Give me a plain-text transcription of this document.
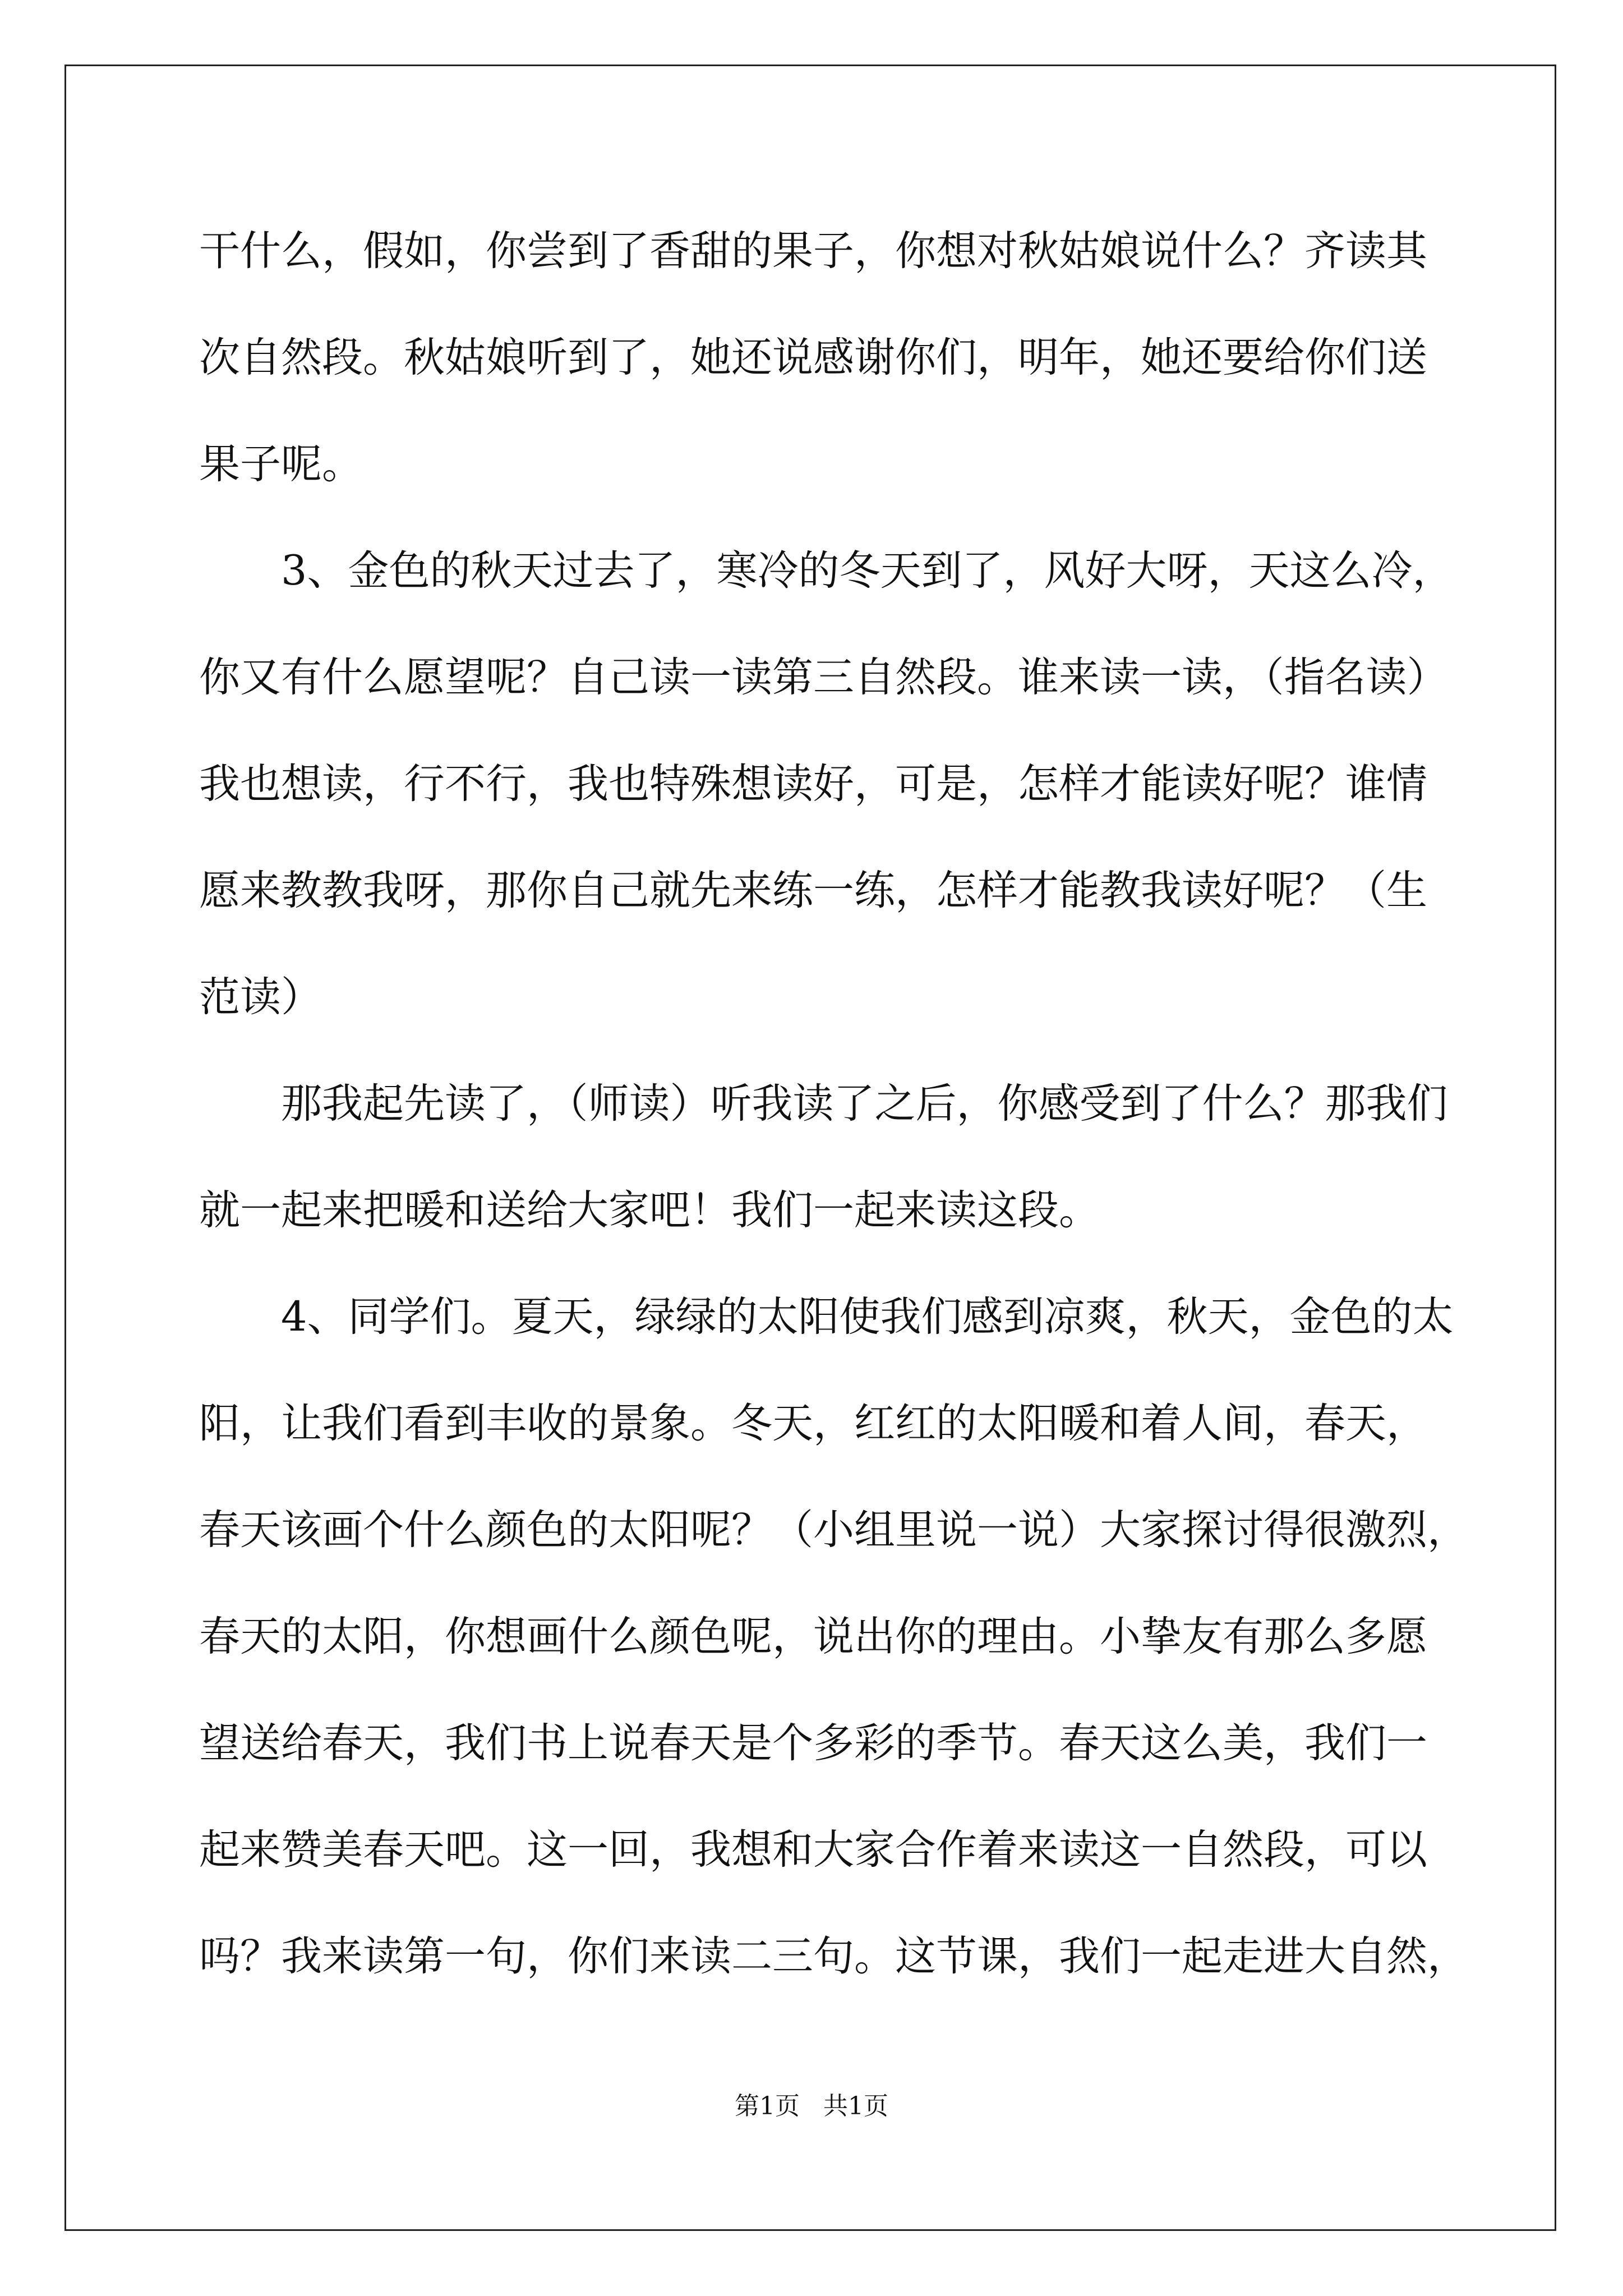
干什么，假如，你尝到了香甜的果子，你想对秋姑娘说什么？齐读其
次自然段。秋姑娘听到了，她还说感谢你们，明年，她还要给你们送
果子呢。
3、金色的秋天过去了，寒冷的冬天到了，风好大呀，天这么冷，
你又有什么愿望呢？自己读一读第三自然段。谁来读一读，（指名读）
我也想读，行不行，我也特殊想读好，可是，怎样才能读好呢？谁情
愿来教教我呀，那你自己就先来练一练，怎样才能教我读好呢？（生
范读）
那我起先读了，（师读）听我读了之后，你感受到了什么？那我们
就一起来把暖和送给大家吧！我们一起来读这段。
4、同学们。夏天，绿绿的太阳使我们感到凉爽，秋天，金色的太
阳，让我们看到丰收的景象。冬天，红红的太阳暖和着人间，春天，
春天该画个什么颜色的太阳呢？（小组里说一说）大家探讨得很激烈，
春天的太阳，你想画什么颜色呢，说出你的理由。小挚友有那么多愿
望送给春天，我们书上说春天是个多彩的季节。春天这么美，我们一
起来赞美春天吧。这一回，我想和大家合作着来读这一自然段，可以
吗？我来读第一句，你们来读二三句。这节课，我们一起走进大自然，
第1页   共1页
